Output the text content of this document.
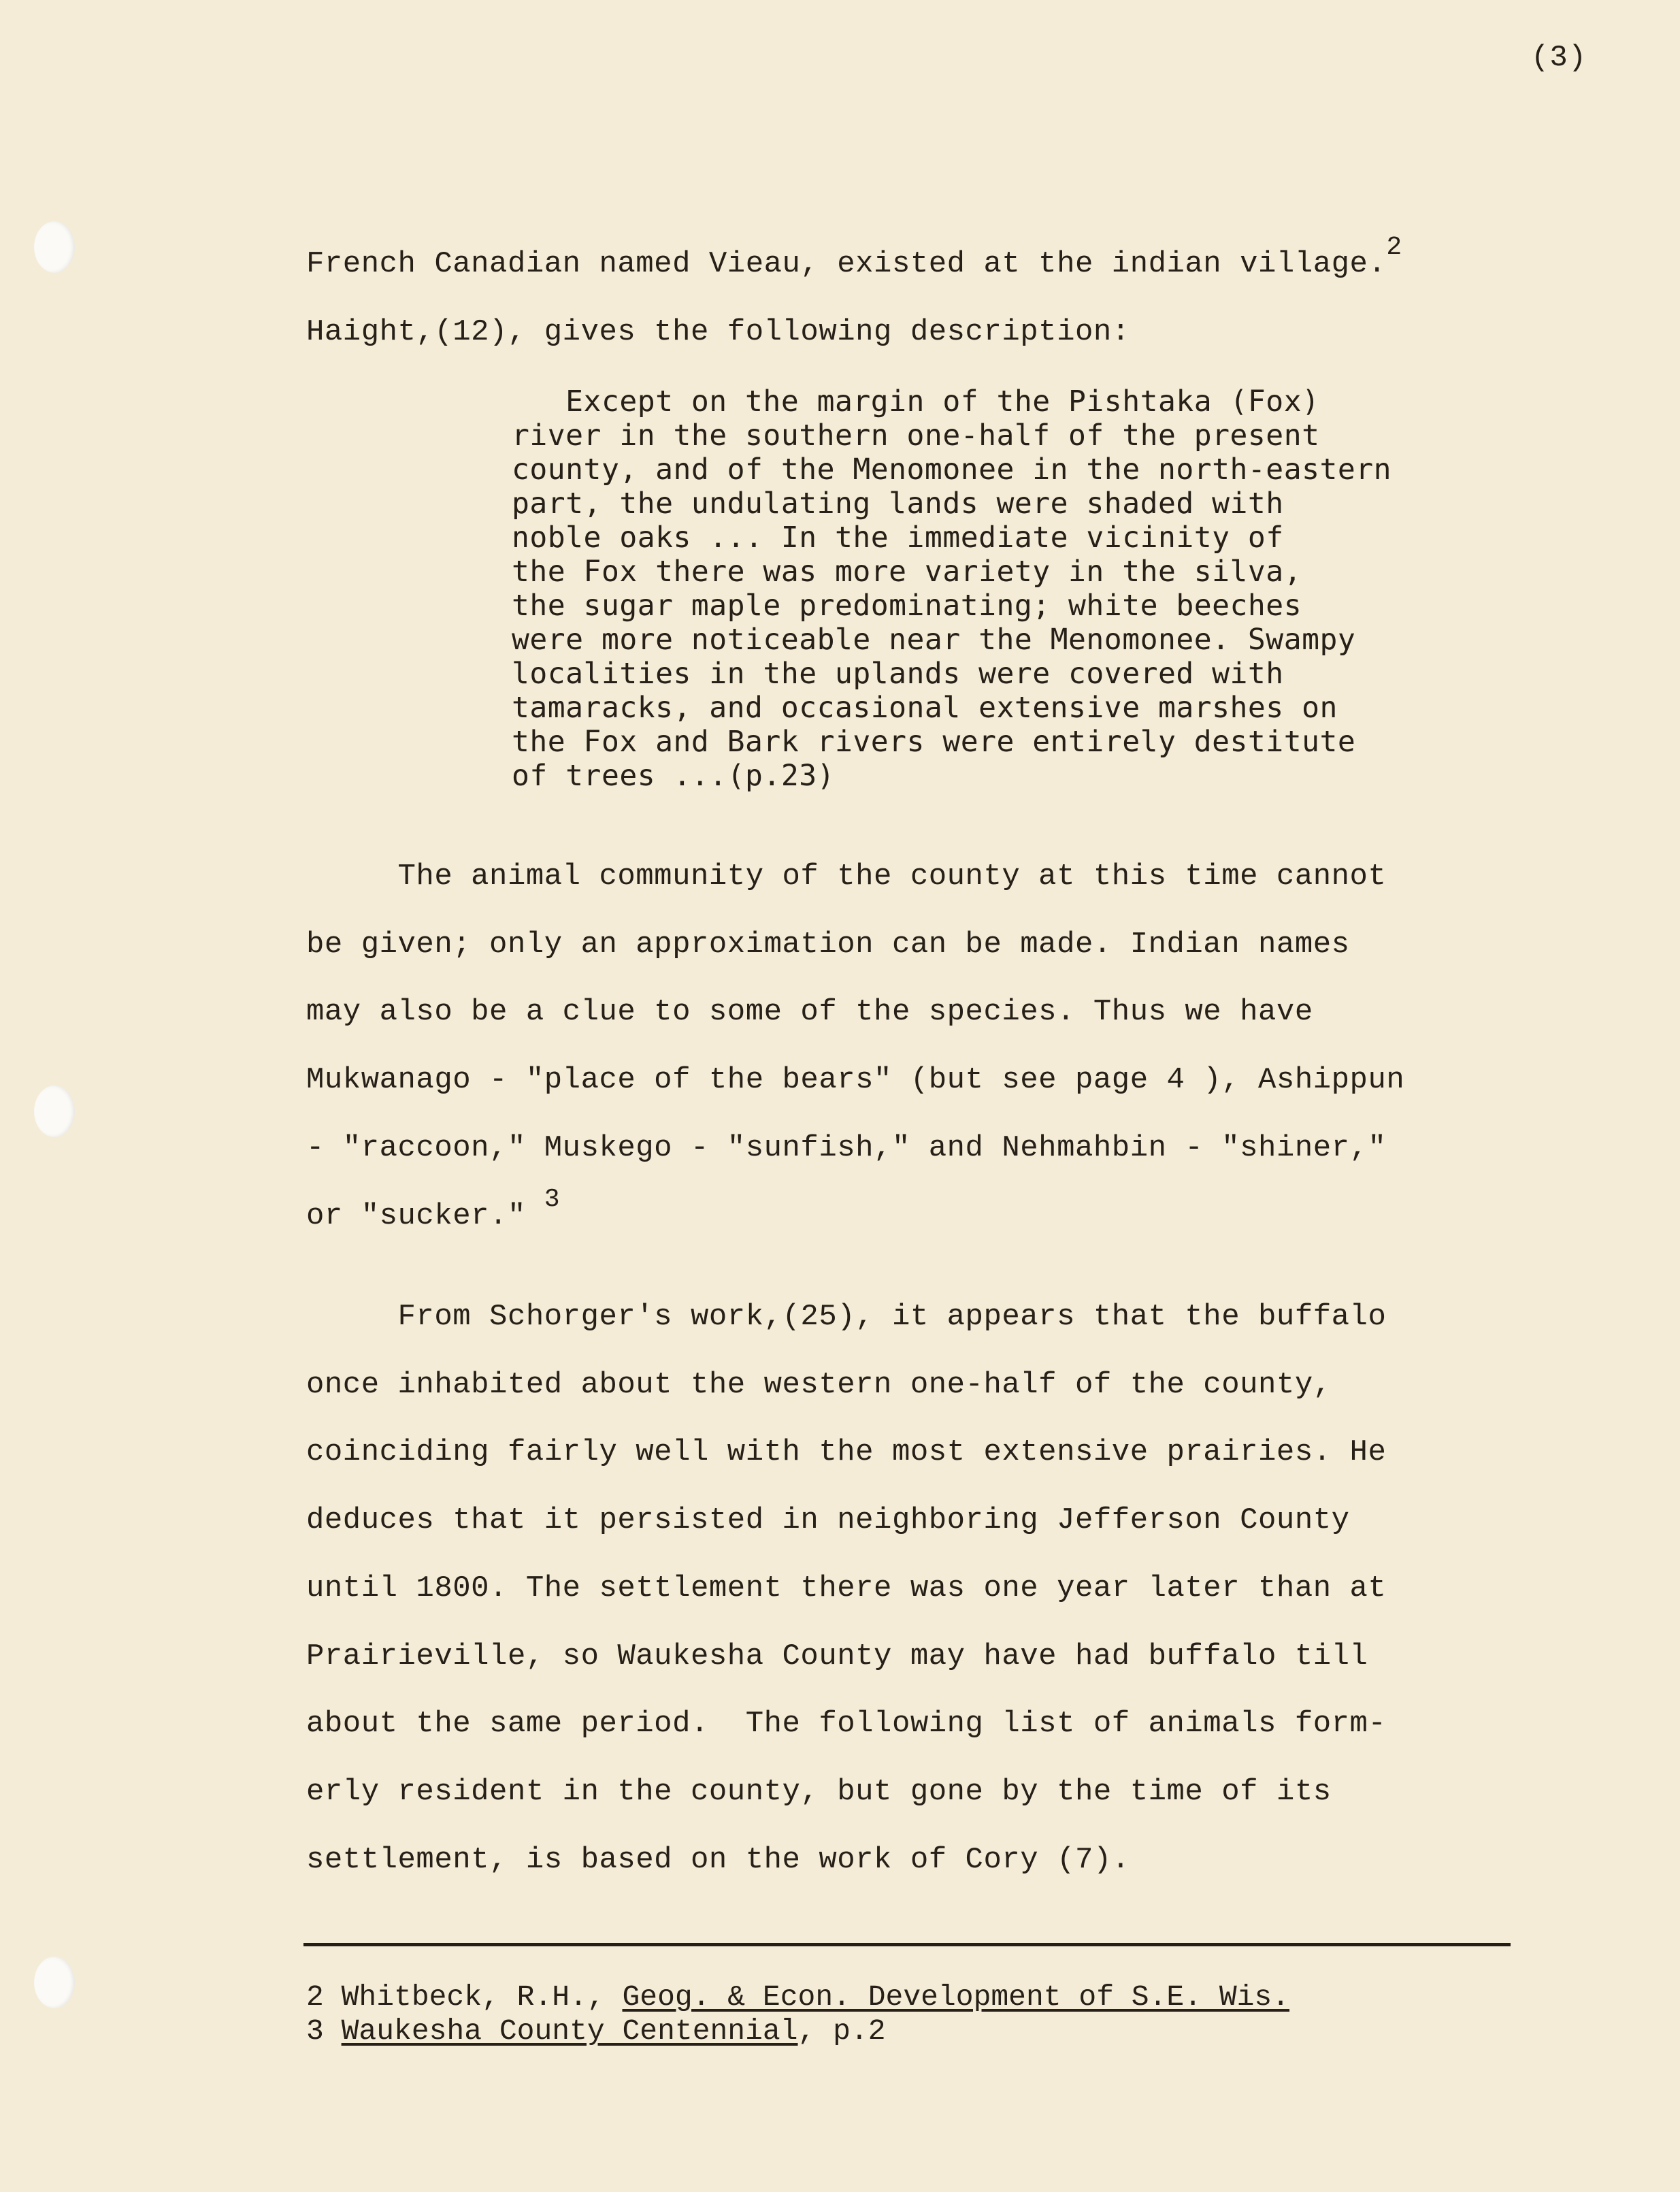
(3)
French Canadian named Vieau, existed at the indian village.2
Haight,(12), gives the following description:
Except on the margin of the Pishtaka (Fox)
river in the southern one-half of the present
county, and of the Menomonee in the north-eastern
part, the undulating lands were shaded with
noble oaks ... In the immediate vicinity of
the Fox there was more variety in the silva,
the sugar maple predominating; white beeches
were more noticeable near the Menomonee. Swampy
localities in the uplands were covered with
tamaracks, and occasional extensive marshes on
the Fox and Bark rivers were entirely destitute
of trees ...(p.23)
The animal community of the county at this time cannot
be given; only an approximation can be made. Indian names
may also be a clue to some of the species. Thus we have
Mukwanago - "place of the bears" (but see page 4 ), Ashippun
- "raccoon," Muskego - "sunfish," and Nehmahbin - "shiner,"
or "sucker." 3
From Schorger's work,(25), it appears that the buffalo
once inhabited about the western one-half of the county,
coinciding fairly well with the most extensive prairies. He
deduces that it persisted in neighboring Jefferson County
until 1800. The settlement there was one year later than at
Prairieville, so Waukesha County may have had buffalo till
about the same period.  The following list of animals form-
erly resident in the county, but gone by the time of its
settlement, is based on the work of Cory (7).
2 Whitbeck, R.H., Geog. & Econ. Development of S.E. Wis.
3 Waukesha County Centennial, p.2
